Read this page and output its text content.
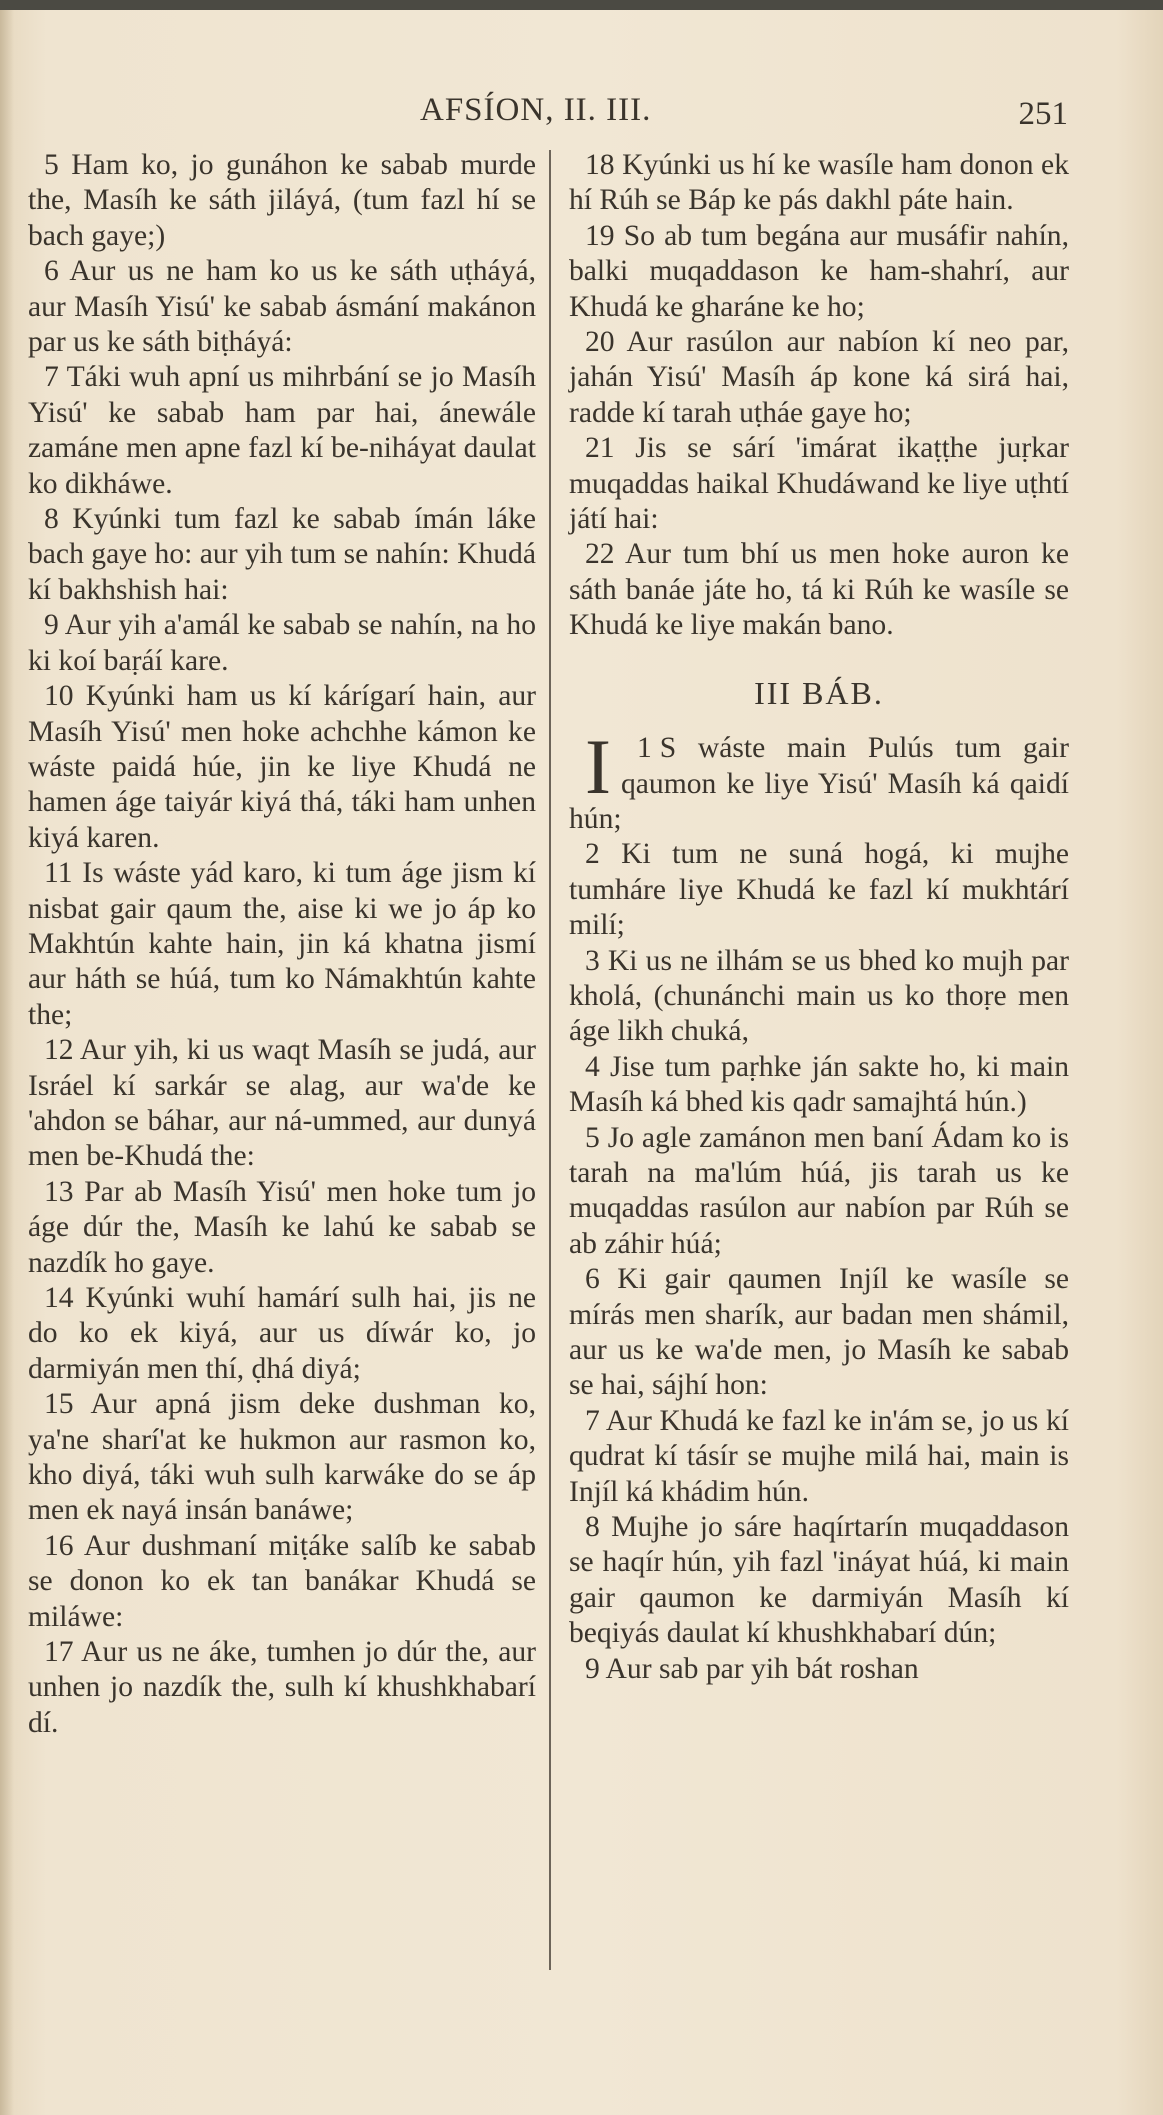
AFSÍON, II. III.	251

5 Ham ko, jo gunáhon ke sabab murde the, Masíh ke sáth jiláyá, (tum fazl hí se bach gaye;)

6 Aur us ne ham ko us ke sáth uṭháyá, aur Masíh Yisú' ke sabab ásmání makánon par us ke sáth biṭháyá:

7 Táki wuh apní us mihrbání se jo Masíh Yisú' ke sabab ham par hai, ánewále zamáne men apne fazl kí be-niháyat daulat ko dikháwe.

8 Kyúnki tum fazl ke sabab ímán láke bach gaye ho: aur yih tum se nahín: Khudá kí bakhshish hai:

9 Aur yih a'amál ke sabab se nahín, na ho ki koí baṛáí kare.

10 Kyúnki ham us kí kárígarí hain, aur Masíh Yisú' men hoke achchhe kámon ke wáste paidá húe, jin ke liye Khudá ne hamen áge taiyár kiyá thá, táki ham unhen kiyá karen.

11 Is wáste yád karo, ki tum áge jism kí nisbat gair qaum the, aise ki we jo áp ko Makhtún kahte hain, jin ká khatna jismí aur háth se húá, tum ko Námakhtún kahte the;

12 Aur yih, ki us waqt Masíh se judá, aur Isráel kí sarkár se alag, aur wa'de ke 'ahdon se báhar, aur ná-ummed, aur dunyá men be-Khudá the:

13 Par ab Masíh Yisú' men hoke tum jo áge dúr the, Masíh ke lahú ke sabab se nazdík ho gaye.

14 Kyúnki wuhí hamárí sulh hai, jis ne do ko ek kiyá, aur us díwár ko, jo darmiyán men thí, ḍhá diyá;

15 Aur apná jism deke dushman ko, ya'ne sharí'at ke hukmon aur rasmon ko, kho diyá, táki wuh sulh karwáke do se áp men ek nayá insán banáwe;

16 Aur dushmaní miṭáke salíb ke sabab se donon ko ek tan banákar Khudá se miláwe:

17 Aur us ne áke, tumhen jo dúr the, aur unhen jo nazdík the, sulh kí khushkhabarí dí.

18 Kyúnki us hí ke wasíle ham donon ek hí Rúh se Báp ke pás dakhl páte hain.

19 So ab tum begána aur musáfir nahín, balki muqaddason ke ham-shahrí, aur Khudá ke gharáne ke ho;

20 Aur rasúlon aur nabíon kí neo par, jahán Yisú' Masíh áp kone ká sirá hai, radde kí tarah uṭháe gaye ho;

21 Jis se sárí 'imárat ikaṭṭhe juṛkar muqaddas haikal Khudáwand ke liye uṭhtí játí hai:

22 Aur tum bhí us men hoke auron ke sáth banáe játe ho, tá ki Rúh ke wasíle se Khudá ke liye makán bano.

III BÁB.

1
I S wáste main Pulús tum gair qaumon ke liye Yisú' Masíh ká qaidí hún;

2 Ki tum ne suná hogá, ki mujhe tumháre liye Khudá ke fazl kí mukhtárí milí;

3 Ki us ne ilhám se us bhed ko mujh par kholá, (chunánchi main us ko thoṛe men áge likh chuká,

4 Jise tum paṛhke ján sakte ho, ki main Masíh ká bhed kis qadr samajhtá hún.)

5 Jo agle zamánon men baní Ádam ko is tarah na ma'lúm húá, jis tarah us ke muqaddas rasúlon aur nabíon par Rúh se ab záhir húá;

6 Ki gair qaumen Injíl ke wasíle se mírás men sharík, aur badan men shámil, aur us ke wa'de men, jo Masíh ke sabab se hai, sájhí hon:

7 Aur Khudá ke fazl ke in'ám se, jo us kí qudrat kí tásír se mujhe milá hai, main is Injíl ká khádim hún.

8 Mujhe jo sáre haqírtarín muqaddason se haqír hún, yih fazl 'ináyat húá, ki main gair qaumon ke darmiyán Masíh kí beqiyás daulat kí khushkhabarí dún;

9 Aur sab par yih bát roshan
